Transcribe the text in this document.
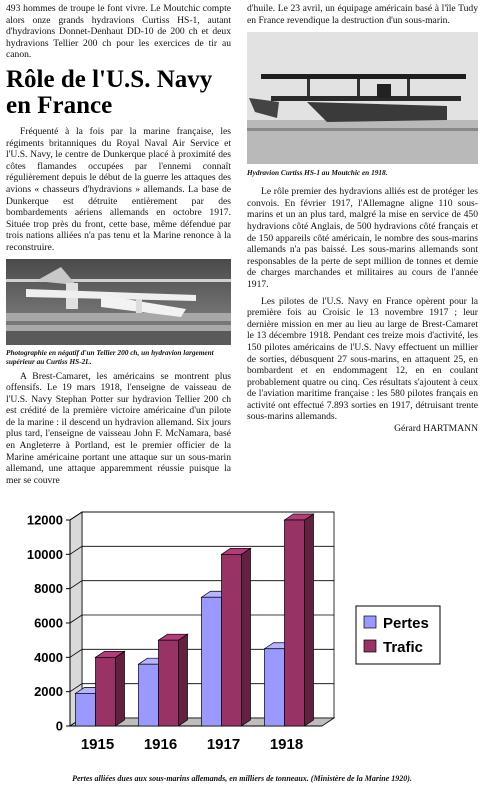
493 hommes de troupe le font vivre. Le Moutchic compte alors onze grands hydravions Curtiss HS-1, autant d'hydravions Donnet-Denhaut DD-10 de 200 ch et deux hydravions Tellier 200 ch pour les exercices de tir au canon.

Rôle de l'U.S. Navy en France

Fréquenté à la fois par la marine française, les régiments britanniques du Royal Naval Air Service et l'U.S. Navy, le centre de Dunkerque placé à proximité des côtes flamandes occupées par l'ennemi connaît régulièrement depuis le début de la guerre les attaques des avions « chasseurs d'hydravions » allemands. La base de Dunkerque est détruite entièrement par des bombardements aériens allemands en octobre 1917. Située trop près du front, cette base, même défendue par trois nations alliées n'a pas tenu et la Marine renonce à la reconstruire.

Photographie en négatif d'un Tellier 200 ch, un hydravion largement supérieur au Curtiss HS-2L.

A Brest-Camaret, les américains se montrent plus offensifs. Le 19 mars 1918, l'enseigne de vaisseau de l'U.S. Navy Stephan Potter sur hydravion Tellier 200 ch est crédité de la première victoire américaine d'un pilote de la marine : il descend un hydravion allemand. Six jours plus tard, l'enseigne de vaisseau John F. McNamara, basé en Angleterre à Portland, est le premier officier de la Marine américaine portant une attaque sur un sous-marin allemand, une attaque apparemment réussie puisque la mer se couvre

d'huile. Le 23 avril, un équipage américain basé à l'île Tudy en France revendique la destruction d'un sous-marin.

Hydravion Curtiss HS-1 au Moutchic en 1918.

Le rôle premier des hydravions alliés est de protéger les convois. En février 1917, l'Allemagne aligne 110 sous-marins et un an plus tard, malgré la mise en service de 450 hydravions côté Anglais, de 500 hydravions côté français et de 150 appareils côté américain, le nombre des sous-marins allemands n'a pas baissé. Les sous-marins allemands sont responsables de la perte de sept million de tonnes et demie de charges marchandes et militaires au cours de l'année 1917.

Les pilotes de l'U.S. Navy en France opèrent pour la première fois au Croisic le 13 novembre 1917 ; leur dernière mission en mer au lieu au large de Brest-Camaret le 13 décembre 1918. Pendant ces treize mois d'activité, les 150 pilotes américains de l'U.S. Navy effectuent un millier de sorties, débusquent 27 sous-marins, en attaquent 25, en bombardent et en endommagent 12, en en coulant probablement quatre ou cinq. Ces résultats s'ajoutent à ceux de l'aviation maritime française : les 580 pilotes français en activité ont effectué 7.893 sorties en 1917, détruisant trente sous-marins allemands.

Gérard HARTMANN

0
2000
4000
6000
8000
10000
12000
1915 1916 1917 1918
Pertes
Trafic
Pertes alliées dues aux sous-marins allemands, en milliers de tonneaux. (Ministère de la Marine 1920).
